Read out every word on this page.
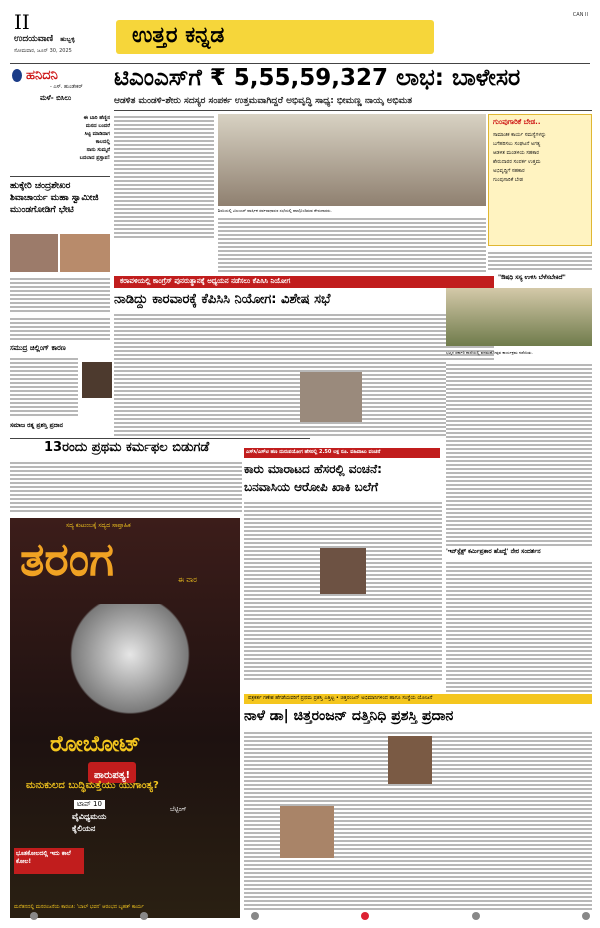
II
ಉದಯವಾಣಿ ಹುಬ್ಬಳ್ಳಿ
ಸೋಮವಾರ, ಜೂನ್ 30, 2025
ಉತ್ತರ ಕನ್ನಡ
CAN II
ಹನಿದನಿ
- ಎಸ್. ಹುಂಡೇಕರ್
ಮಳೆ- ಬಿಸಿಲು
ಈ ಬಾರಿ ಹೆಣ್ಣಿನ
ಮನದ ಬಂದರೆ
ಸಿಟ್ಟಿ ಮಾಡಿದಾಗ
ಕಾಲದಲ್ಲಿ
ನಾನು ಸುಮ್ಮನೆ
ಬದಲಾದ ಪ್ರಸ್ತಾಪ!
ಹುಕ್ಕೇರಿ ಚಂದ್ರಶೇಖರ ಶಿವಾಚಾರ್ಯ ಮಹಾ ಸ್ವಾಮೀಜಿ ಮುಂಡಗೋಡಿಗೆ ಭೇಟಿ
ಟಿಎಂಎಸ್‌ಗೆ ₹ 5,55,59,327 ಲಾಭ: ಬಾಳೇಸರ
ಆಡಳಿತ ಮಂಡಳಿ-ಶೇರು ಸದಸ್ಯರ ಸಂಪರ್ಕ ಉತ್ತಮವಾಗಿದ್ದರೆ ಅಭಿವೃದ್ಧಿ ಸಾಧ್ಯ: ಭೀಮಣ್ಣ ನಾಯ್ಕ ಅಭಿಮತ
ಶಿರಸಿಯಲ್ಲಿ ಟಿಎಂಎಸ್ ವಾರ್ಷಿಕ ಸರ್ವಸಾಧಾರಣ ಸಭೆಯಲ್ಲಿ ಪಾಲ್ಗೊಂಡಿರುವ ಶೇರುದಾರರು.
ಗುಂಪುಗಾರಿಕೆ ಬೇಡ..
ಸಾಮಾಜಿಕ ಕಾರ್ಯ ಸಮಸ್ಯೆಗಳನ್ನು
ಬಗೆಹರಿಸಲು ಸಂಘಟನೆ ಅಗತ್ಯ
ಆಡಳಿತ ಮಂಡಳಿಯ ಸಹಕಾರ
ಶೇರುದಾರರ ಸಂಪರ್ಕ ಉತ್ತಮ
ಅಭಿವೃದ್ಧಿಗೆ ಸಹಕಾರ
ಗುಂಪುಗಾರಿಕೆ ಬೇಡ
ಸಮುದ್ರ ಚಿಲ್ಲಿಂಗ್ ಕಾರಣ
ಕರಾವಳಿಯಲ್ಲಿ ಕಾಂಗ್ರೆಸ್ ಪುನರುತ್ಥಾನಕ್ಕೆ ಅಧ್ಯಯನ ನಡೆಸಲು ಕೆಪಿಸಿಸಿ ನಿಯೋಗ
ನಾಡಿದ್ದು ಕಾರವಾರಕ್ಕೆ ಕೆಪಿಸಿಸಿ ನಿಯೋಗ: ವಿಶೇಷ ಸಭೆ
"ಔಷಧಿ ಸಸ್ಯ ಉಳಿಸಿ ಬೆಳೆಸಬೇಕಿದೆ"
ಭಟ್ಕಳ ಸರ್ಕಾರಿ ಶಾಲೆಯಲ್ಲಿ ವನಮಹೋತ್ಸವ ಕಾರ್ಯಕ್ರಮ ನಡೆಯಿತು.
ಸಮಾಜ ರತ್ನ ಪ್ರಶಸ್ತಿ ಪ್ರದಾನ
13ರಂದು ಪ್ರಥಮ ಕರ್ಮಫಲ ಬಿಡುಗಡೆ	ಎಸ್‌ಸಿ/ಎಸ್‌ಟಿ ಹಣ ದುರುಪಯೋಗ ಹೆಸರಲ್ಲಿ 2.50 ಲಕ್ಷ ರೂ. ವಹಿವಾಟು ವಂಚನೆ
ಕಾರು ಮಾರಾಟದ ಹೆಸರಲ್ಲಿ ವಂಚನೆ:
ಬನವಾಸಿಯ ಆರೋಪಿ ಖಾಕಿ ಬಲೆಗೆ
ಸದ್ಯ ಕುಟುಂಬಕ್ಕೆ ಸದ್ಯದ ಸಾಪ್ತಾಹಿಕ
ತರಂಗ	ಈ ವಾರ
ರೋಬೋಟ್
ಪಾರುಪತ್ಯ!
ಮನುಕುಲದ ಬುದ್ಧಿಮತ್ತೆಯು ಯುಗಾಂತ್ಯ?
ಟಾಪ್ 10
ವೈವಿಧ್ಯಮಯ
ಕೈಲಿಯನ
ಬೆಟ್ಟಿಂಗ್
ಭೂತಕೋಲದಲ್ಲಿ ಇದು ಕಾಲೆ ಕೋಲ!
ಮನೆತನದಲ್ಲಿ ಮನರಂಜನೆಯ ಕಾರಂಜಿ: 'ಬಾಲ್ ಭವನ' ಆರಂಭದ ಬೃಹತ್ ಕಾರ್ಯ
'ಇನ್‌ಸ್ಪೆಕ್ಟ್ ಕರ್ಮಿಪ್ರಕಾರ ಹೊದ್ದೆ' ನೇರ ಸಂದರ್ಶನ
ಪತ್ರಕರ್ತ ಗಣೇಶ ಹೆಗಡೆಯವರಿಗೆ ಪ್ರಥಮ ಪ್ರಶಸ್ತಿ ಎತ್ತಿಟ್ಟ • ಚಿತ್ತರಂಜನ್ ಅಭಿಮಾನಿಗಳಿಂದ ಹಾಗೂ ಸಂಸ್ಥೆಯ ಯೋಜನೆ
ನಾಳೆ ಡಾ| ಚಿತ್ತರಂಜನ್ ದತ್ತಿನಿಧಿ ಪ್ರಶಸ್ತಿ ಪ್ರದಾನ
